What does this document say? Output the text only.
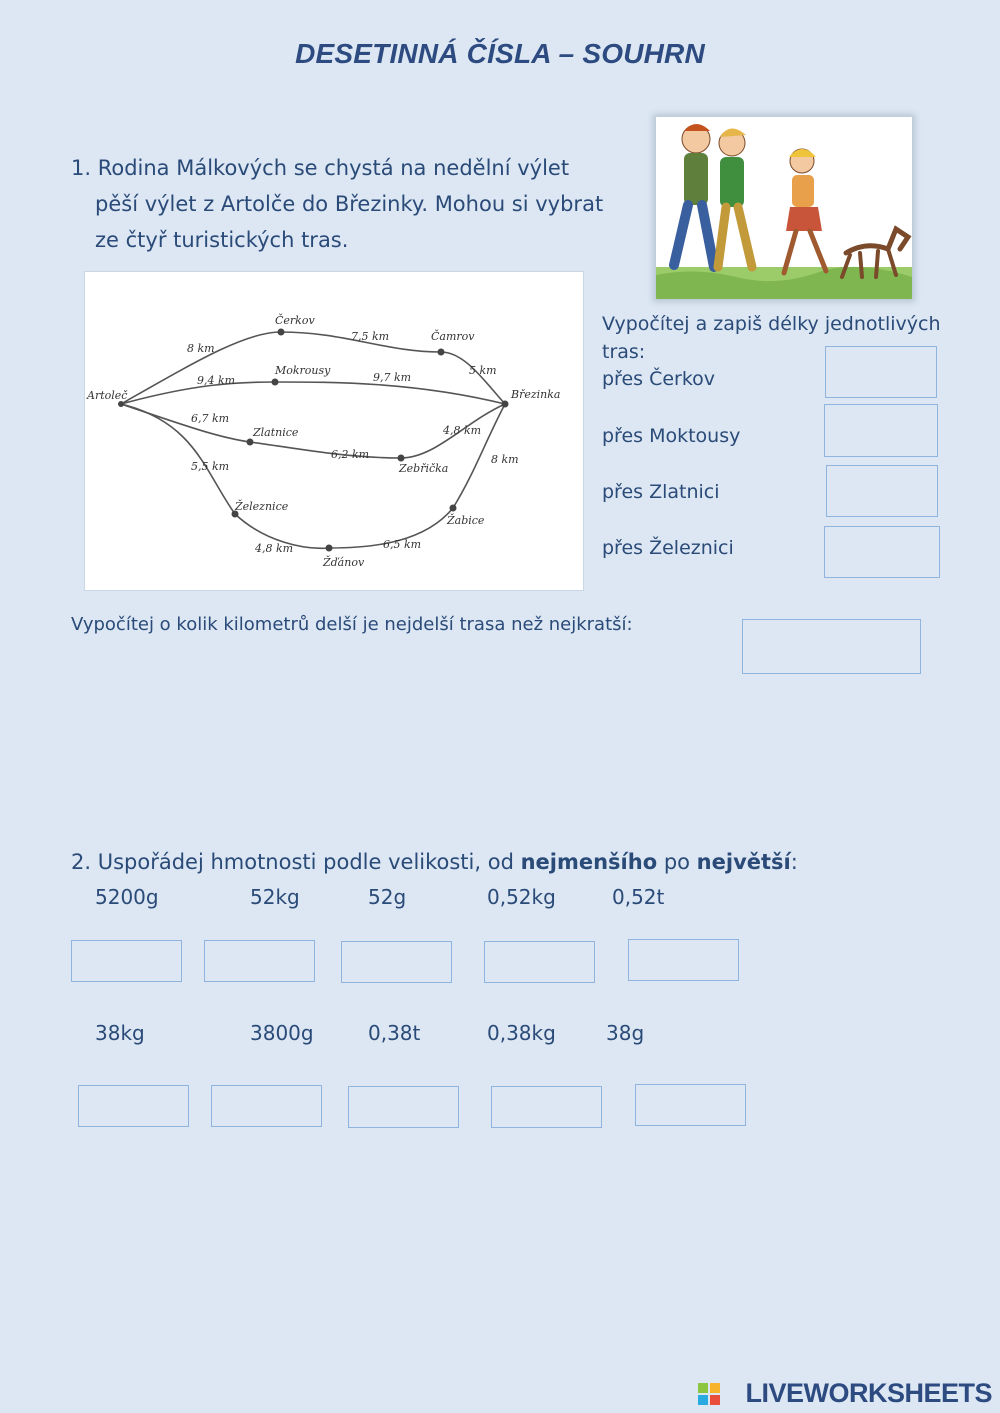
DESETINNÁ ČÍSLA – SOUHRN
1. Rodina Málkových se chystá na nedělní výlet
pěší výlet z Artolče do Březinky. Mohou si vybrat
ze čtyř turistických tras.
Artoleč
Čerkov
Čamrov
Mokrousy
Březinka
Zlatnice
Zebřička
Železnice
Žabice
Žďánov
8 km
7,5 km
5 km
9,4 km	9,7 km
6,7 km
6,2 km
4,8 km
8 km
5,5 km
4,8 km	6,5 km
Vypočítej a zapiš délky jednotlivých
tras:
přes Čerkov
přes Moktousy
přes Zlatnici
přes Železnici
Vypočítej o kolik kilometrů delší je nejdelší trasa než nejkratší:
2. Uspořádej hmotnosti podle velikosti, od nejmenšího po největší:
5200g	52kg	52g	0,52kg	0,52t
38kg	3800g	0,38t	0,38kg	38g
LIVEWORKSHEETS
